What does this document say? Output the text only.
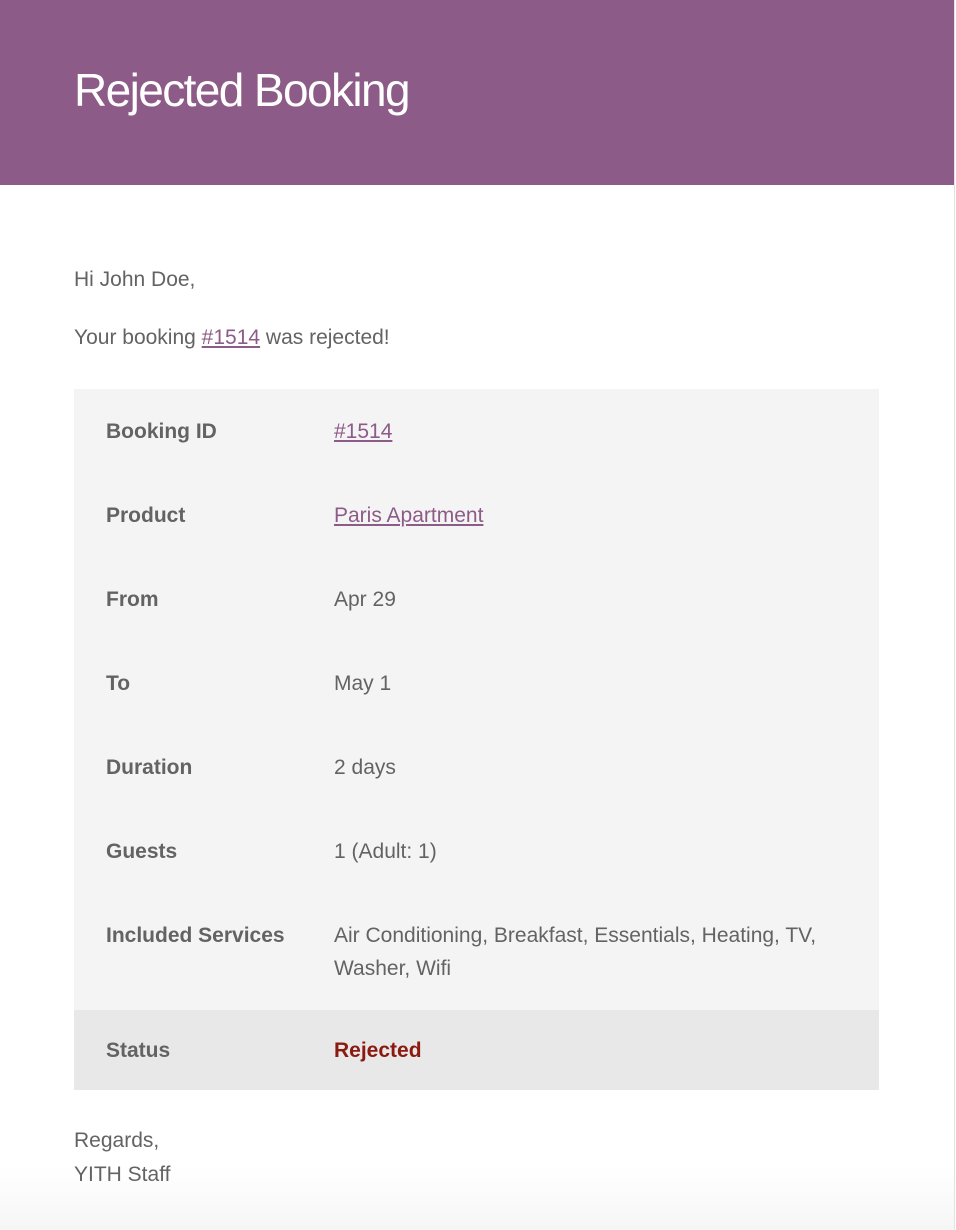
Rejected Booking

Hi John Doe,

Your booking #1514 was rejected!

Booking ID	#1514
Product	Paris Apartment
From	Apr 29
To	May 1
Duration	2 days
Guests	1 (Adult: 1)
Included Services	Air Conditioning, Breakfast, Essentials, Heating, TV, Washer, Wifi
Status	Rejected

Regards,
YITH Staff
